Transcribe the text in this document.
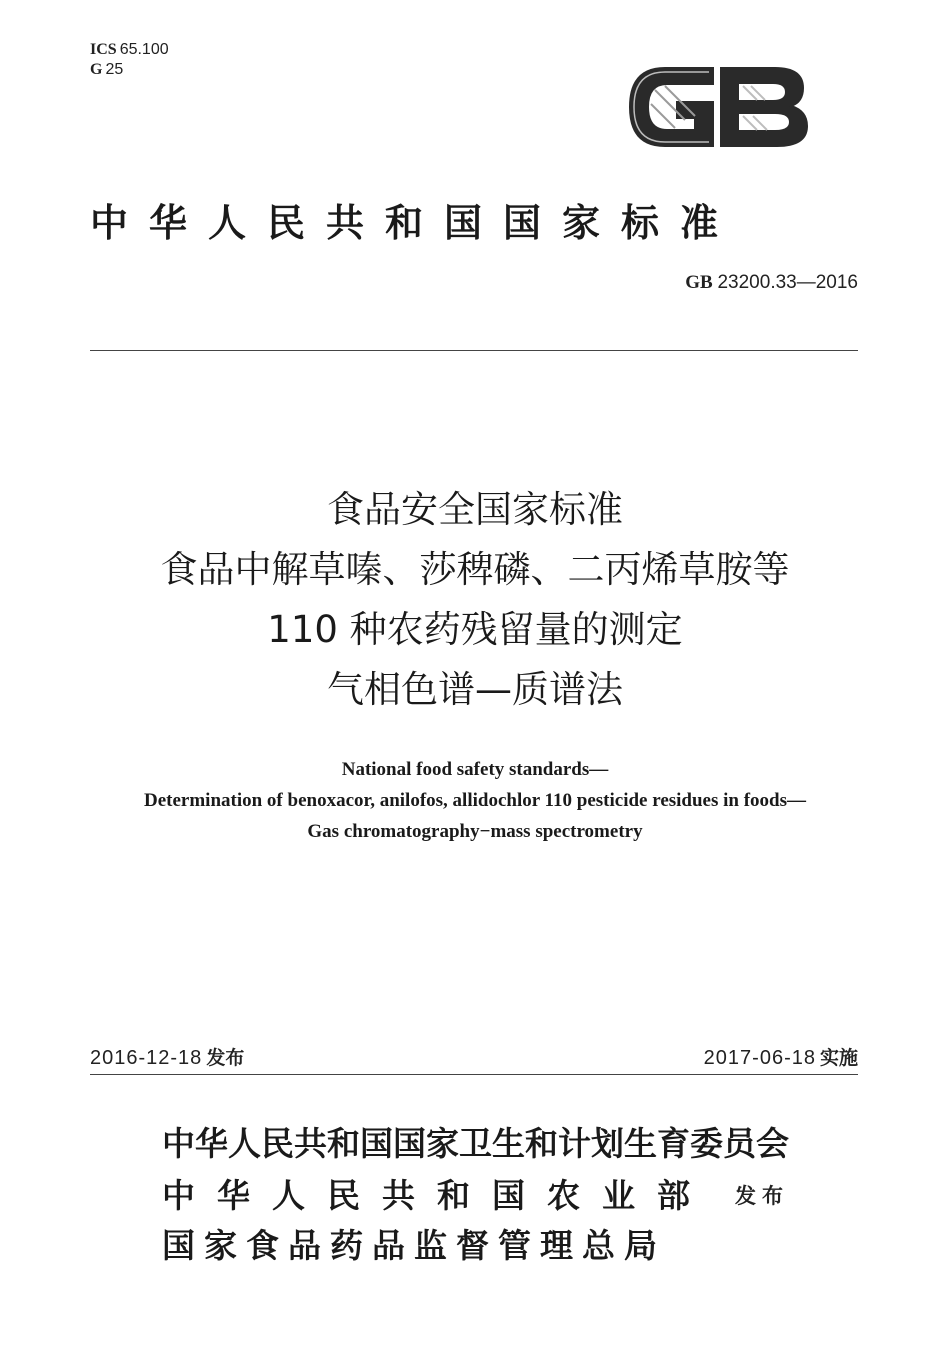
ICS 65.100
G 25
中华人民共和国国家标准
GB 23200.33—2016
食品安全国家标准
食品中解草嗪、莎稗磷、二丙烯草胺等
110 种农药残留量的测定
气相色谱—质谱法
National food safety standards—
Determination of benoxacor, anilofos, allidochlor 110 pesticide residues in foods—
Gas chromatography−mass spectrometry
2016-12-18 发布	2017-06-18 实施
中华人民共和国国家卫生和计划生育委员会
中华人民共和国农业部
国家食品药品监督管理总局
发布
